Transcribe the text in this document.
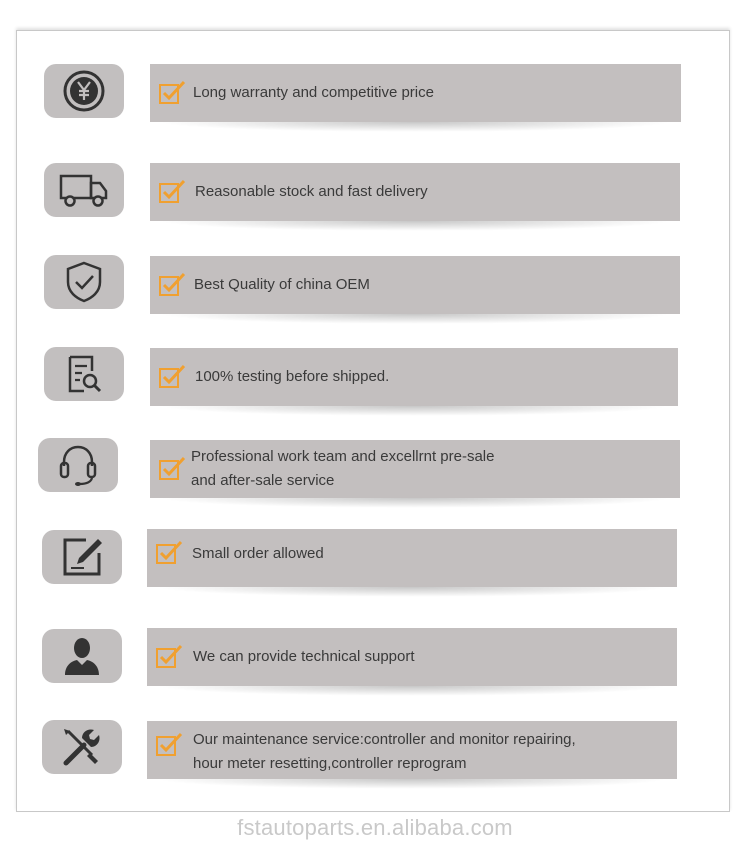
Long warranty and competitive price
Reasonable stock and fast delivery
Best Quality of china OEM
100% testing before shipped.
Professional work team and excellrnt pre-sale
and after-sale service
Small order allowed
We can provide technical support
Our maintenance service:controller and monitor repairing,
hour meter resetting,controller reprogram
fstautoparts.en.alibaba.com
